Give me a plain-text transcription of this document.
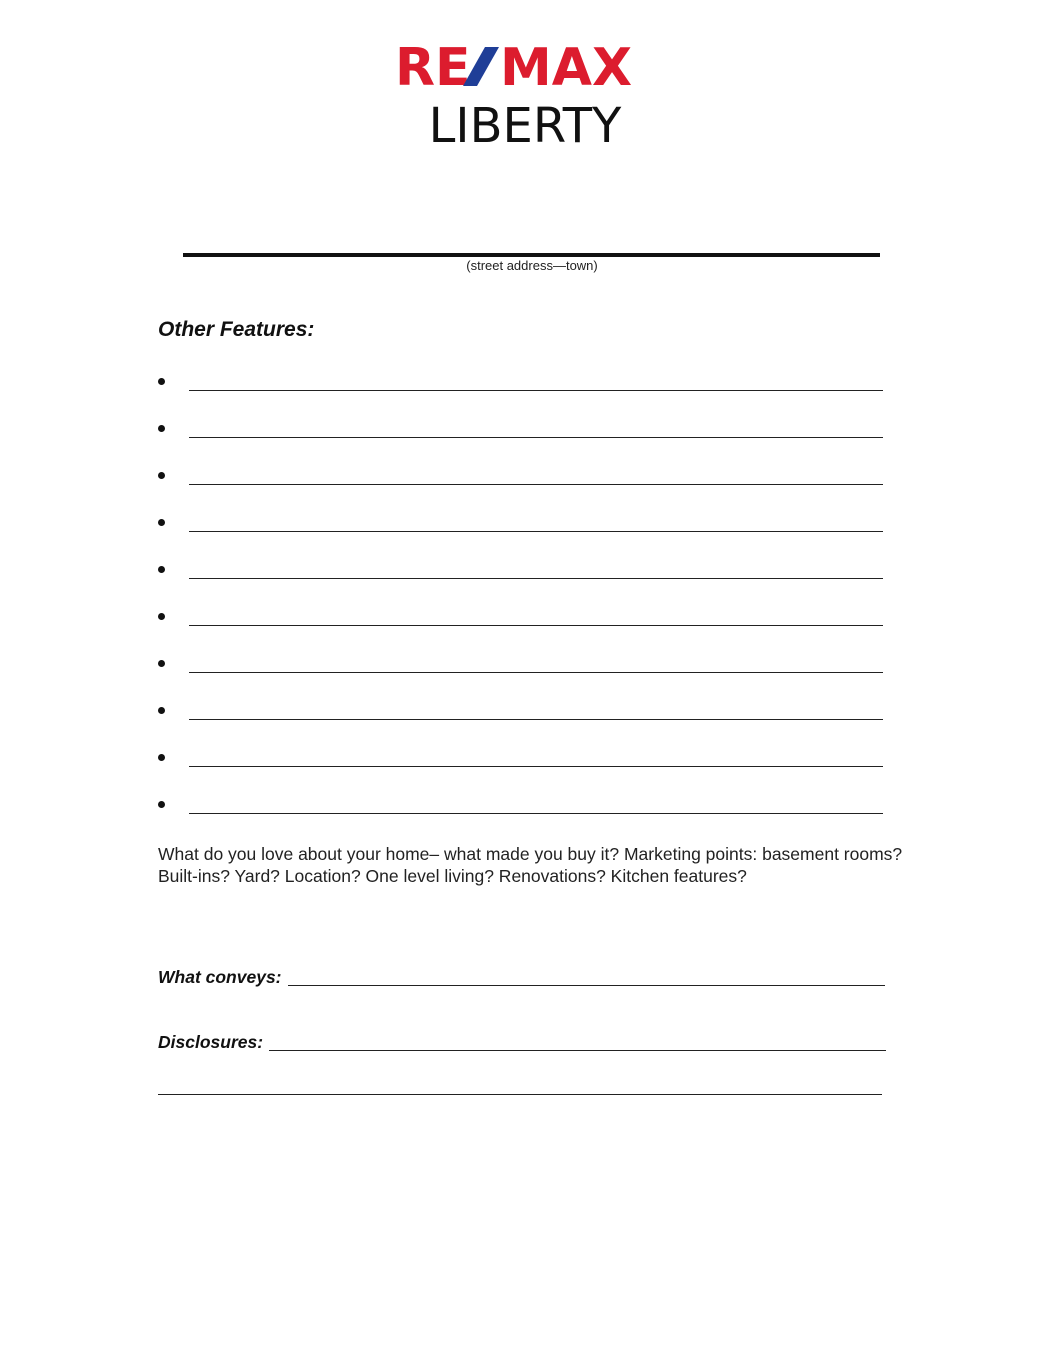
RE MAX
LIBERTY
(street address—town)
Other Features:
What do you love about your home– what made you buy it? Marketing points: basement rooms? Built-ins? Yard? Location? One level living? Renovations? Kitchen features?
What conveys:
Disclosures:
